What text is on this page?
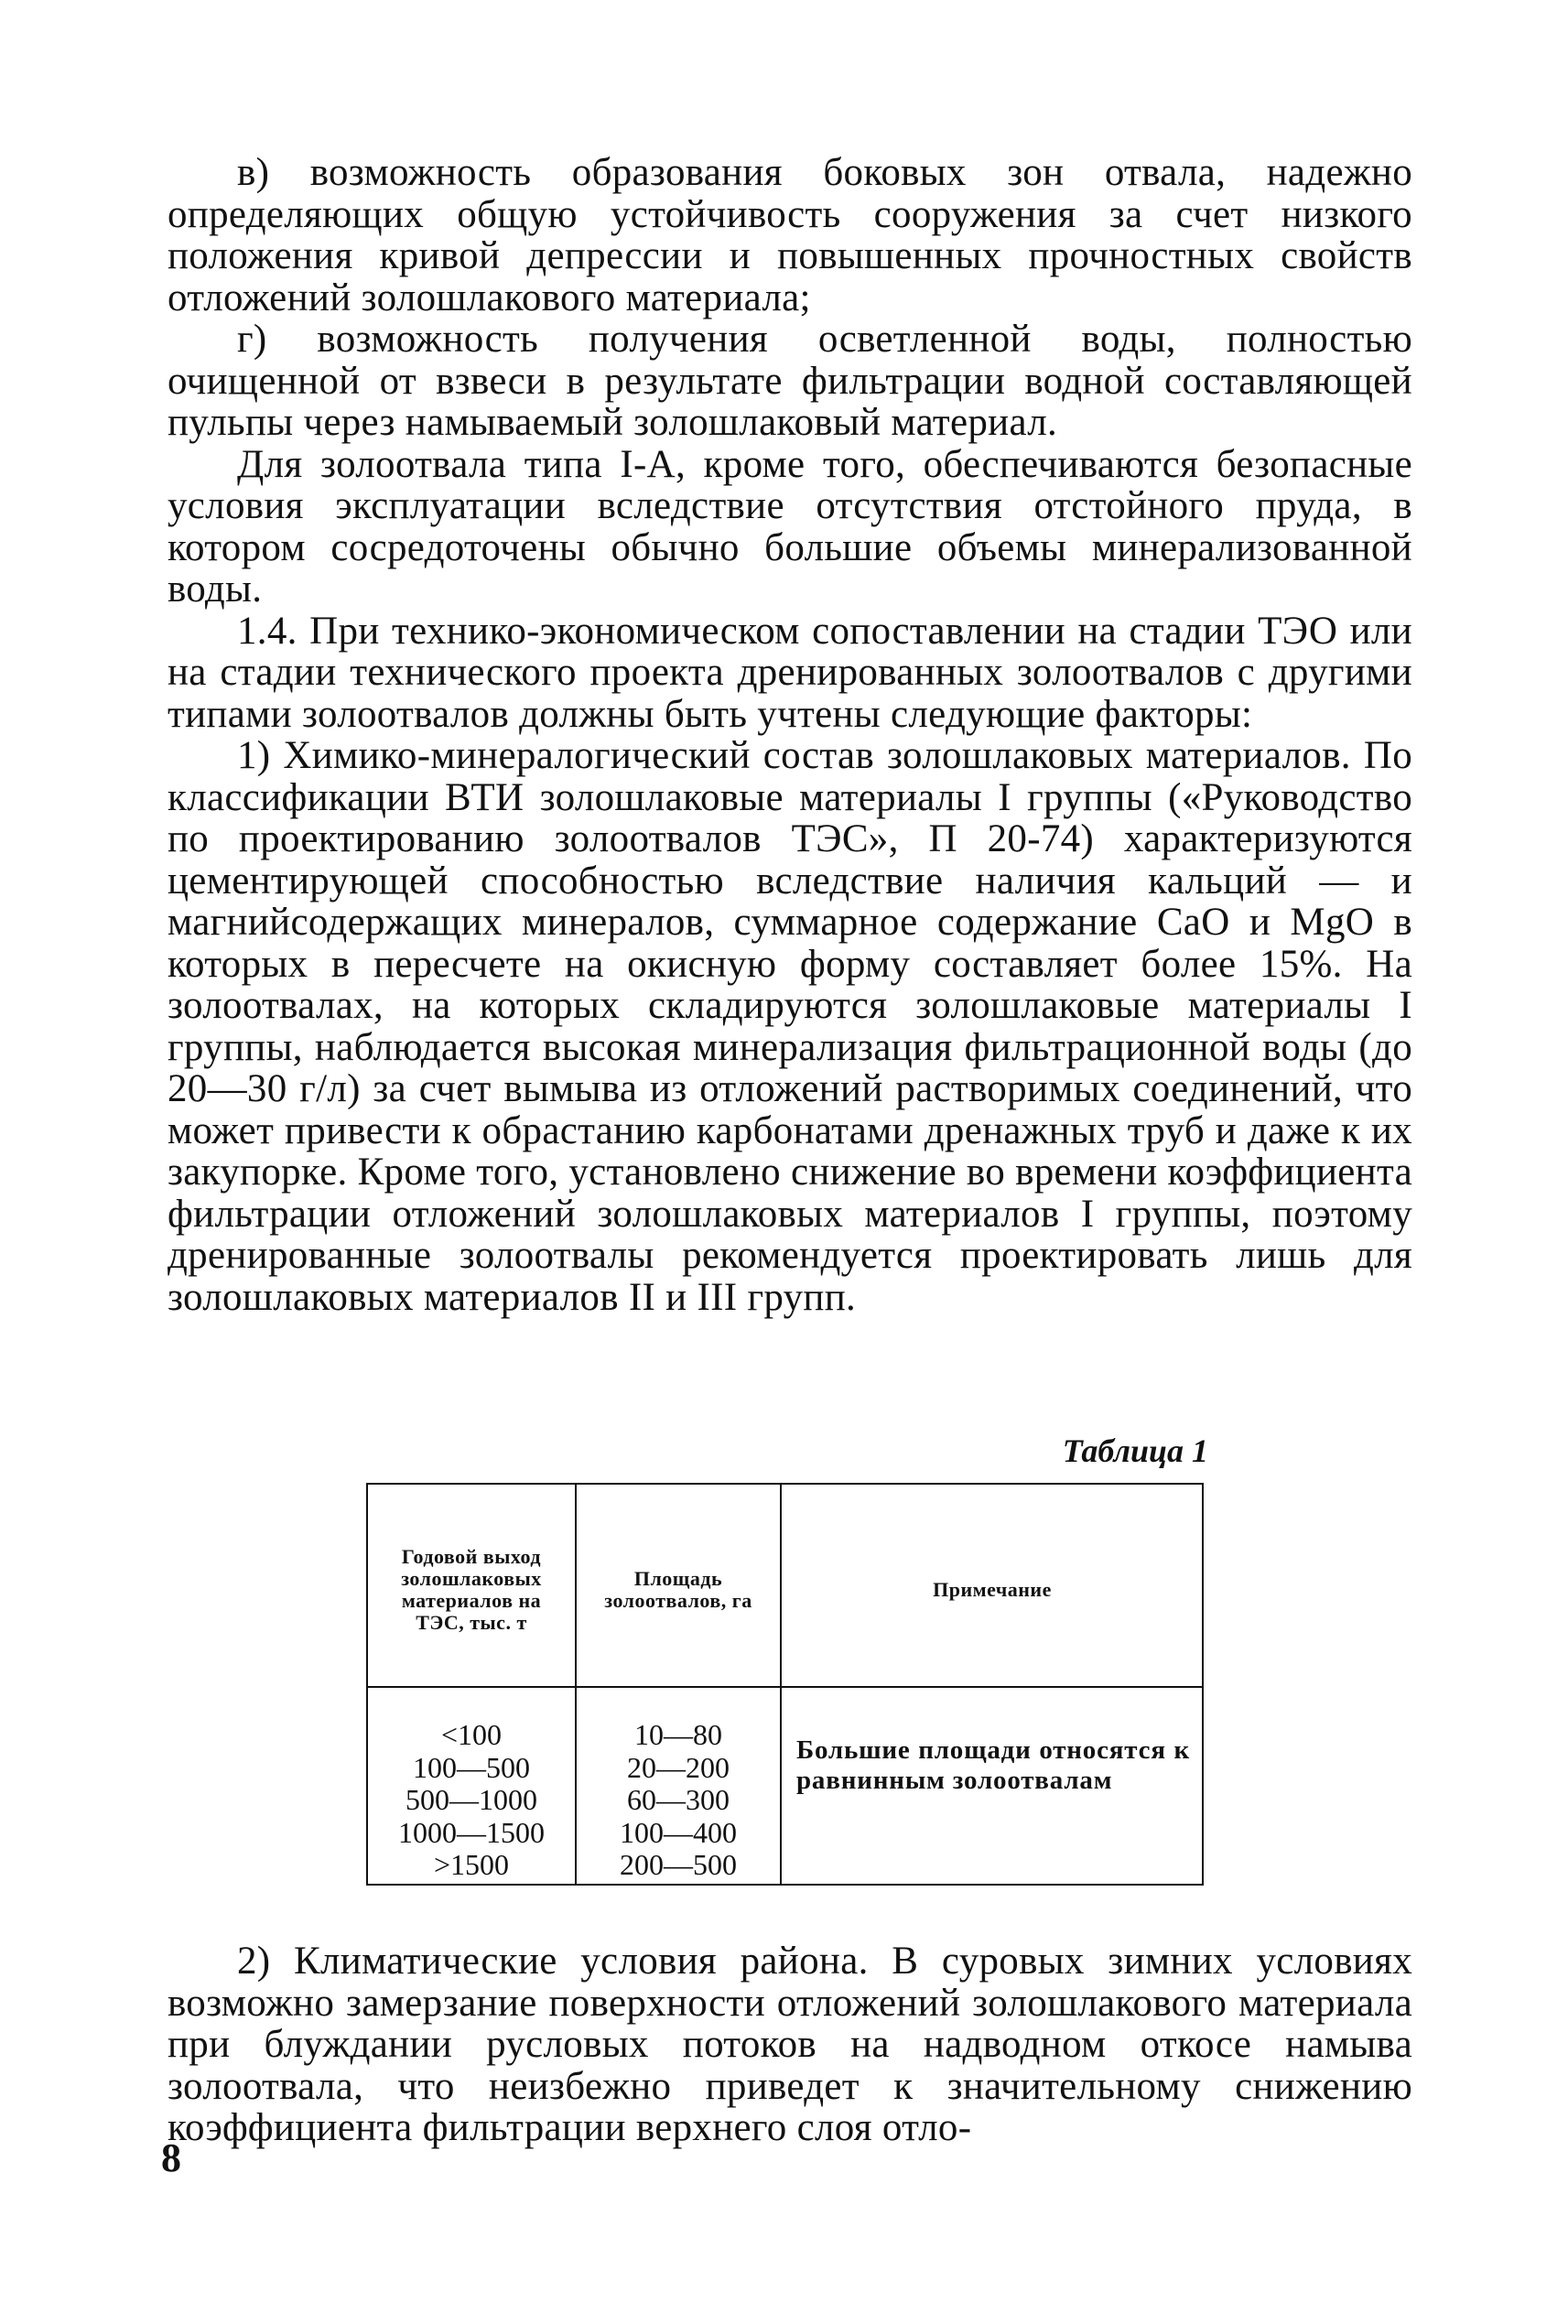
в) возможность образования боковых зон отвала, надежно определяющих общую устойчивость сооружения за счет низкого положения кривой депрессии и повышенных прочностных свойств отложений золошлакового материала;

г) возможность получения осветленной воды, полностью очищенной от взвеси в результате фильтрации водной составляющей пульпы через намываемый золошлаковый материал.

Для золоотвала типа I-А, кроме того, обеспечиваются безопасные условия эксплуатации вследствие отсутствия отстойного пруда, в котором сосредоточены обычно большие объемы минерализованной воды.

1.4. При технико-экономическом сопоставлении на стадии ТЭО или на стадии технического проекта дренированных золоотвалов с другими типами золоотвалов должны быть учтены следующие факторы:

1) Химико-минералогический состав золошлаковых материалов. По классификации ВТИ золошлаковые материалы I группы («Руководство по проектированию золоотвалов ТЭС», П 20-74) характеризуются цементирующей способностью вследствие наличия кальций — и магнийсодержащих минералов, суммарное содержание СаО и MgO в которых в пересчете на окисную форму составляет более 15%. На золоотвалах, на которых складируются золошлаковые материалы I группы, наблюдается высокая минерализация фильтрационной воды (до 20—30 г/л) за счет вымыва из отложений растворимых соединений, что может привести к обрастанию карбонатами дренажных труб и даже к их закупорке. Кроме того, установлено снижение во времени коэффициента фильтрации отложений золошлаковых материалов I группы, поэтому дренированные золоотвалы рекомендуется проектировать лишь для золошлаковых материалов II и III групп.

Таблица 1
Годовой выход золошлаковых материалов на ТЭС, тыс. т
Площадь золоотвалов, га	Примечание
<100
100—500
500—1000
1000—1500
>1500
10—80
20—200
60—300
100—400
200—500
Большие площади относятся к равнинным золоотвалам

2) Климатические условия района. В суровых зимних условиях возможно замерзание поверхности отложений золошлакового материала при блуждании русловых потоков на надводном откосе намыва золоотвала, что неизбежно приведет к значительному снижению коэффициента фильтрации верхнего слоя отло-

8
